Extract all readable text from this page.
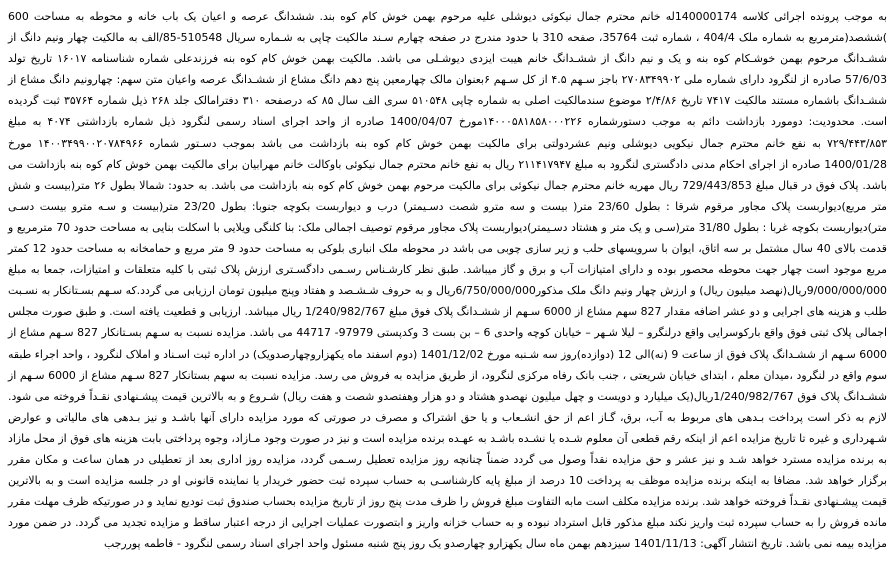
به موجب پرونده اجرائی کلاسه 140000174له خانم محترم جمال نیکوئی دیوشلی علیه مرحوم بهمن خوش کام کوه بند. ششدانگ عرصه و اعیان یک باب خانه و محوطه به مساحت 600 )ششصد(مترمربع به شماره ملک 404/4 ، شماره ثبت 35764، صفحه 310 با حدود مندرج در صفحه چهارم سـند مالکیت چاپی به شـماره سریال 510548-85/الف به مالکیت چهار ونیم دانگ از ششـدانگ مرحوم بهمن خوشـکام کوه بنه و یک و نیم دانگ از ششـدانگ خانم هیبت ایزدی دیوشـلی می باشد. مالکیت بهمن خوش کام کوه بنه فرزندعلی شماره شناسنامه ۱۶۰۱۷ تاریخ تولد 57/6/03 صادره از لنگرود دارای شماره ملی ۲۷۰۸۳۴۹۹۰۲ باجز سـهم ۴.۵ از کل سـهم ۶بعنوان مالک چهارمعین پنج دهم دانگ مشاع از ششـدانگ عرصه واعیان متن سهم: چهارونیم دانگ مشاع از ششـدانگ باشماره مستند مالکیت ۷۴۱۷ تاریخ ۲/۴/۸۶ موضوع سندمالکیت اصلی به شماره چاپی ۵۱۰۵۴۸ سری الف سال ۸۵ که درصفحه ۳۱۰ دفترامالک جلد ۲۶۸ ذیل شماره ۳۵۷۶۴ ثبت گردیده است. محدودیت: دومورد بازداشت دائم به موجب دستورشماره ۱۴۰۰۰۵۸۱۸۵۸۰۰۰۲۲۶مورخ 1400/04/07 صادره از واحد اجرای اسناد رسمی لنگرود ذیل شماره بازداشتی ۴۰۷۴ به مبلغ ۷۲۹/۴۴۳/۸۵۳ به نفع خانم محترم جمال نیکویی دیوشلی ونیم عشردولتی برای مالکیت بهمن خوش کام کوه بنه بازداشت می باشد بموجب دسـتور شماره ۱۴۰۰۳۴۹۹۰۰۲۰۷۸۴۹۶۶ مورخ 1400/01/28 صادره از اجرای احکام مدنی دادگستری لنگرود به مبلغ ۲۱۱۴۱۷۹۴۷ ریال به نفع خانم محترم جمال نیکوئی باوکالت خانم مهرابیان برای مالکیت بهمن خوش کام کوه بنه بازداشت می باشد. پلاک فوق در قبال مبلغ 729/443/853 ریال مهریه خانم محترم جمال نیکوئی برای مالکیت مرحوم بهمن خوش کام کوه بنه بازداشت می باشد. به حدود: شمالا بطول ۲۶ متر(بیست و شش متر مربع)دیواربست پلاک مجاور مرقوم شرقا : بطول 23/60 متر( بیست و سه مترو شصت دسـیمتر) درب و دیواربست بکوچه جنوبا: بطول 23/20 متر(بیست و سـه مترو بیست دسـی متر)دیواربست بکوچه غربا : بطول 31/80 متر(سـی و یک متر و هشتاد دسـیمتر)دیواربست پلاک مجاور مرقوم توصیف اجمالی ملک: بنا کلنگی ویلایی با اسکلت بنایی به مساحت حدود 70 مترمربع و قدمت بالای 40 سال مشتمل بر سه اتاق، ایوان با سرویسهای حلب و زیر سازی چوبی می باشد در محوطه ملک انباری بلوکی به مساحت حدود 9 متر مربع و حمامخانه به مساحت حدود 12 کمتر مربع موجود است چهار جهت محوطه محصور بوده و دارای امتیازات آب و برق و گاز میباشد. طبق نظر کارشـناس رسـمی دادگسـتری ارزش پلاک ثبتی با کلیه متعلقات و امتیازات، جمعا به مبلغ 9/000/000/000ریال(نهصد میلیون ریال) و ارزش چهار ونیم دانگ ملک مذکور6/750/000/000ریال و به حروف شـشـصد و هفتاد وپنج میلیون تومان ارزیابی می گردد.که سـهم بسـتانکار به نسـبت طلب و هزینه های اجرایی و دو عشر اضافه مقدار 827 سهم مشاع از 6000 سـهم از ششـدانگ پلاک فوق مبلغ 1/240/982/767 ریال میباشد. ارزیابی و قطعیت یافته است. و طبق صورت مجلس اجمالی پلاک ثبتی فوق واقع بارکوسرایی واقع درلنگرو – لیلا شـهر – خیابان کوچه واحدی 6 – بن بست 3 وکدپستی 97979- 44717 می باشد. مزایده نسبت به سـهم بسـتانکار 827 سـهم مشاع از 6000 سـهم از ششـدانگ پلاک فوق از ساعت 9 (نه)الی 12 (دوازده)روز سه شـنبه مورخ 1401/12/02 (دوم اسفند ماه یکهزاروچهارصدویک) در اداره ثبت اسـناد و املاک لنگرود ، واحد اجراء طبقه سوم واقع در لنگرود ،میدان معلم ، ابتدای خیابان شریعتی ، جنب بانک رفاه مرکزی لنگرود، از طریق مزایده به فروش می رسد. مزایده نسبت به سهم بستانکار 827 سـهم مشاع از 6000 سـهم از ششـدانگ پلاک فوق 1/240/982/767ریال(یک میلیارد و دویست و چهل میلیون نهصدو هشتاد و دو هزار وهفتصدو شصت و هفت ریال) شـروع و به بالاترین قیمت پیشـنهادی نقـداً فروخته می شود. لازم به ذکر است پرداخت بـدهی های مربوط به آب، برق، گـاز اعم از حق انشـعاب و یا حق اشتراک و مصرف در صورتی که مورد مزایده دارای آنها باشـد و نیز بـدهی های مالیاتی و عوارض شـهرداری و غیره تا تاریخ مزایده اعم از اینکه رقم قطعی آن معلوم شـده یا نشـده باشـد به عهـده برنده مزایده است و نیز در صورت وجود مـازاد، وجوه پرداختی بابت هزینه های فوق از محل مازاد به برنده مزایده مسترد خواهد شـد و نیز عشر و حق مزایده نقداً وصول می گردد ضمناً چنانچه روز مزایده تعطیل رسـمی گردد، مزایده روز اداری بعد از تعطیلی در همان ساعت و مکان مقرر برگزار خواهد شد. مضافا به اینکه برنده مزایده موظف به پرداخت 10 درصد از مبلغ پایه کارشناسـی به حساب سپرده ثبت حضور خریدار یا نماینده قانونی او در جلسه مزایده است و به بالاترین قیمت پیشـنهادی نقـداً فروخته خواهد شد. برنده مزایده مکلف است مابه التفاوت مبلغ فروش را ظرف مدت پنج روز از تاریخ مزایده بحساب صندوق ثبت تودیع نماید و در صورتیکه ظرف مهلت مقرر مانده فروش را به حساب سپرده ثبت واریز نکند مبلغ مذکور قابل استرداد نبوده و به حساب خزانه واریز و ابتصورت عملیات اجرایی از درجه اعتبار ساقط و مزایده تجدید می گردد. در ضمن مورد مزایده بیمه نمی باشد. تاریخ انتشار آگهی: 1401/11/13 سیزدهم بهمن ماه سال یکهزارو چهارصدو یک روز پنج شنبه مسئول واحد اجرای اسناد رسمی لنگرود - فاطمه پوررجب
